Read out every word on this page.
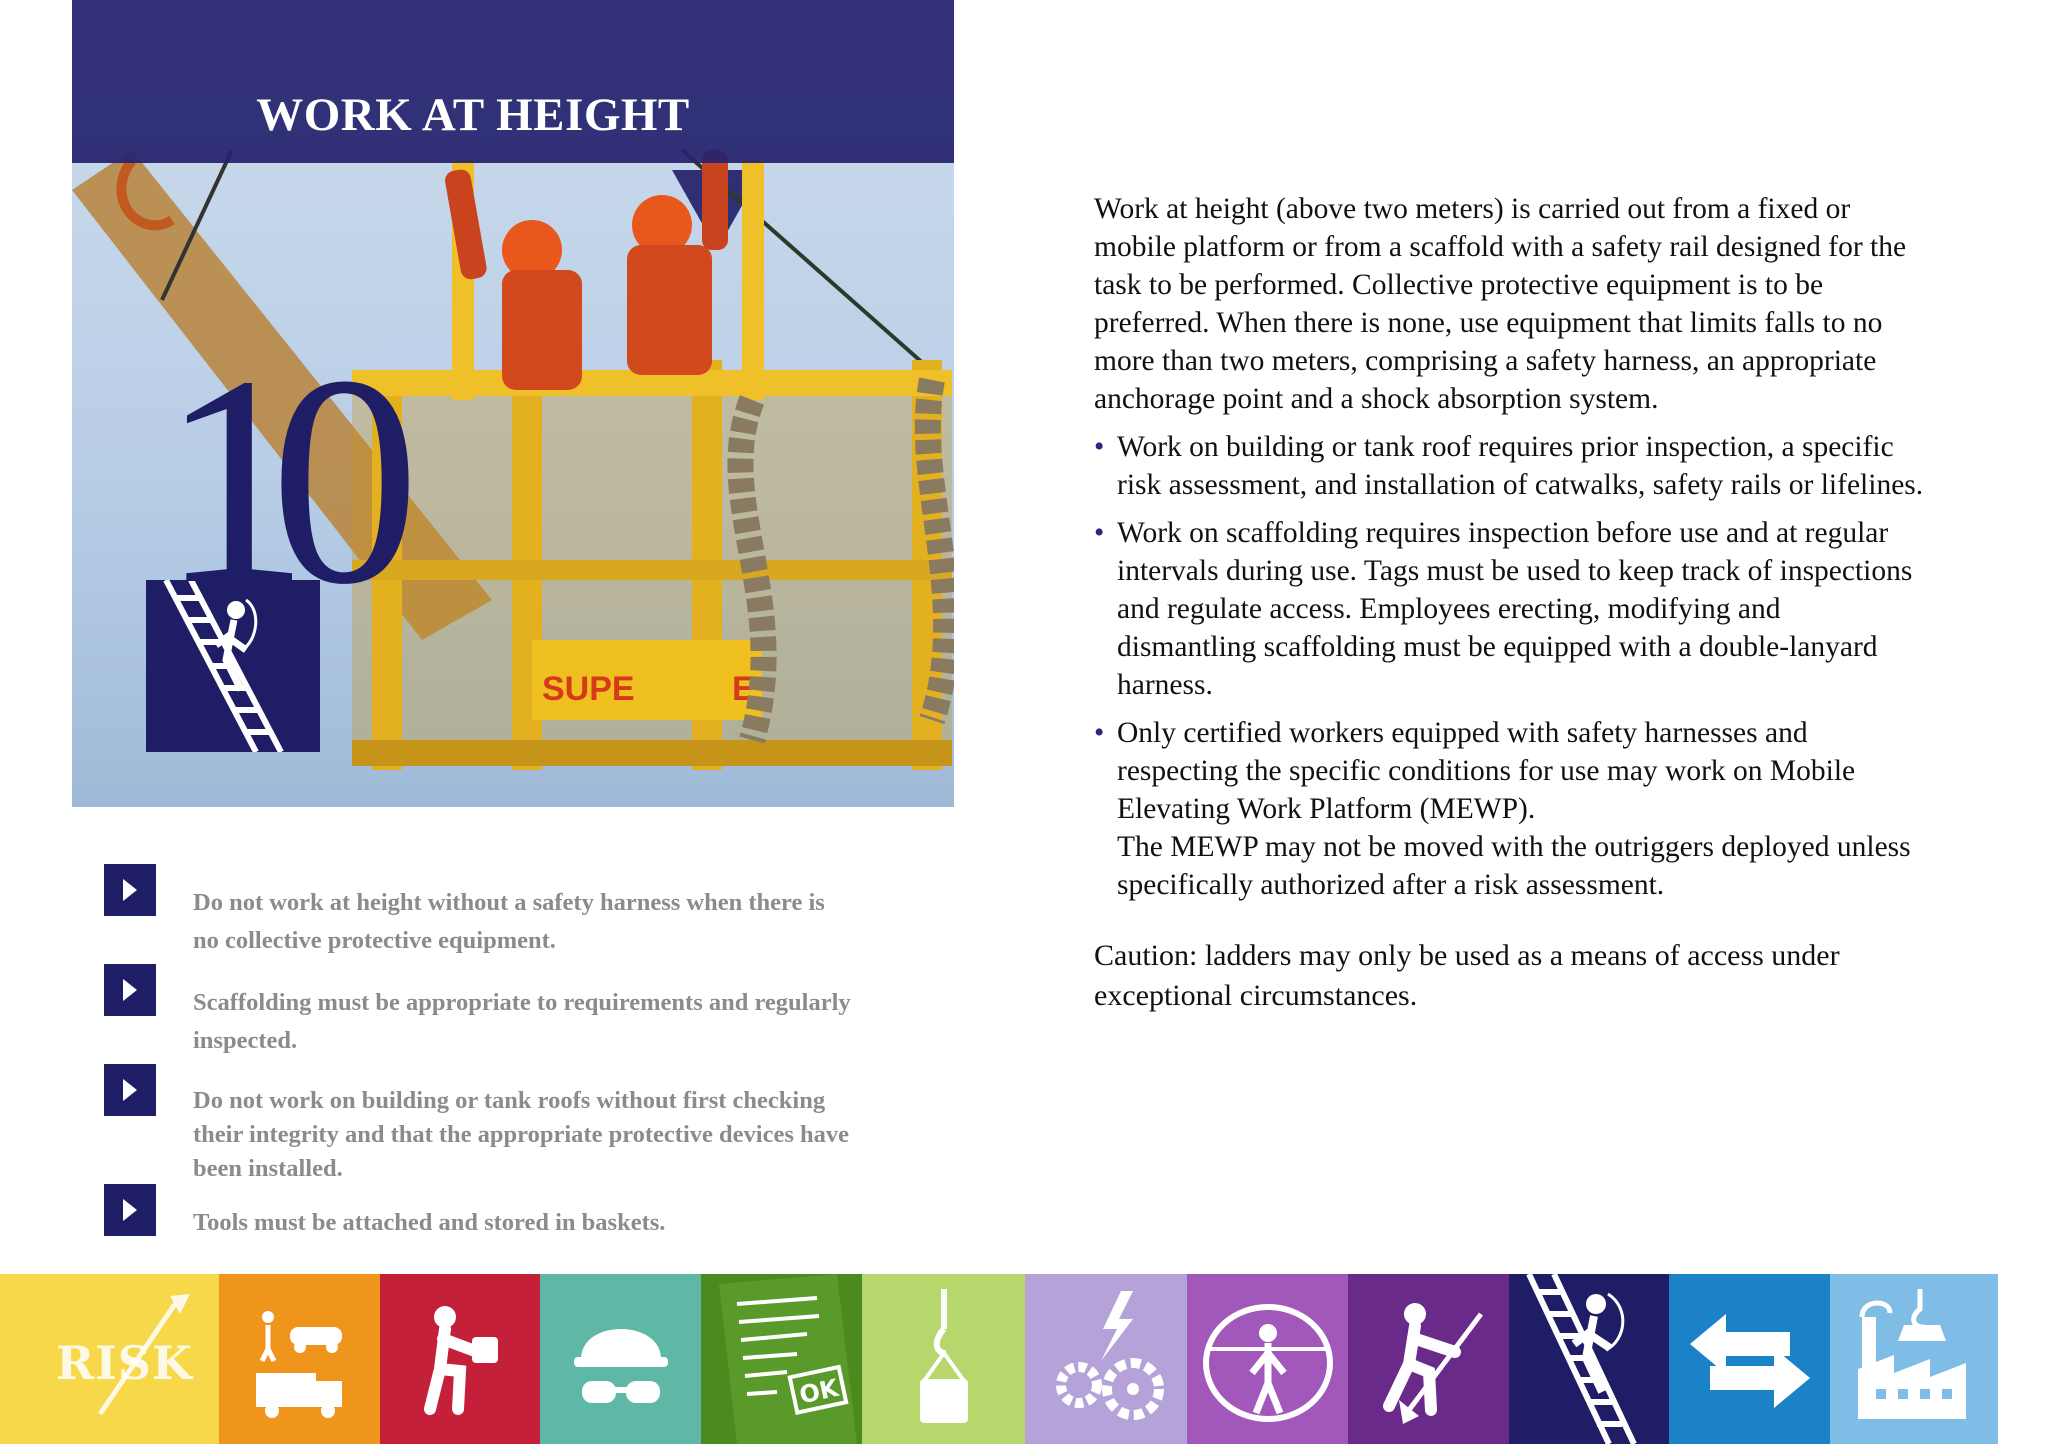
SUPE	E
WORK AT HEIGHT
10
Do not work at height without a safety harness when there is no collective protective equipment.
Scaffolding must be appropriate to requirements and regularly inspected.
Do not work on building or tank roofs without first checking their integrity and that the appropriate protective devices have been installed.
Tools must be attached and stored in baskets.

Work at height (above two meters) is carried out from a fixed or mobile platform or from a scaffold with a safety rail designed for the task to be performed. Collective protective equipment is to be preferred. When there is none, use equipment that limits falls to no more than two meters, comprising a safety harness, an appropriate anchorage point and a shock absorption system.

• Work on building or tank roof requires prior inspection, a specific risk assessment, and installation of catwalks, safety rails or lifelines.

• Work on scaffolding requires inspection before use and at regular intervals during use. Tags must be used to keep track of inspections and regulate access. Employees erecting, modifying and dismantling scaffolding must be equipped with a double-lanyard harness.

• Only certified workers equipped with safety harnesses and respecting the specific conditions for use may work on Mobile Elevating Work Platform (MEWP).

The MEWP may not be moved with the outriggers deployed unless specifically authorized after a risk assessment.

Caution: ladders may only be used as a means of access under exceptional circumstances.

RISK
OK
